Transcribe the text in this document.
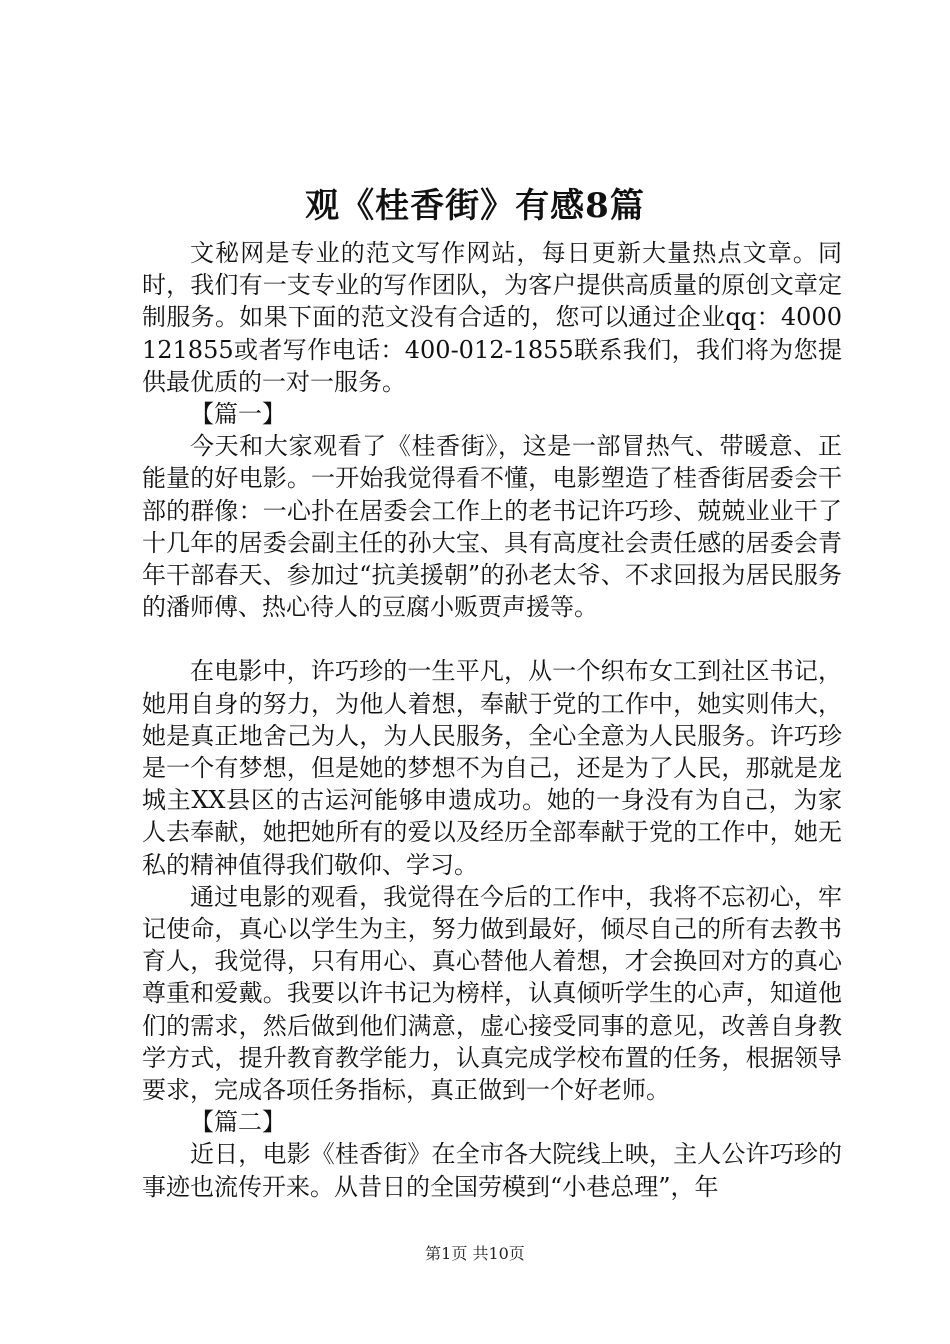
观《桂香街》有感8篇

文秘网是专业的范文写作网站，每日更新大量热点文章。同时，我们有一支专业的写作团队，为客户提供高质量的原创文章定制服务。如果下面的范文没有合适的，您可以通过企业qq：4000121855或者写作电话：400-012-1855联系我们，我们将为您提供最优质的一对一服务。

【篇一】

今天和大家观看了《桂香街》，这是一部冒热气、带暖意、正能量的好电影。一开始我觉得看不懂，电影塑造了桂香街居委会干部的群像：一心扑在居委会工作上的老书记许巧珍、兢兢业业干了十几年的居委会副主任的孙大宝、具有高度社会责任感的居委会青年干部春天、参加过“抗美援朝”的孙老太爷、不求回报为居民服务的潘师傅、热心待人的豆腐小贩贾声援等。

在电影中，许巧珍的一生平凡，从一个织布女工到社区书记，她用自身的努力，为他人着想，奉献于党的工作中，她实则伟大，她是真正地舍己为人，为人民服务，全心全意为人民服务。许巧珍是一个有梦想，但是她的梦想不为自己，还是为了人民，那就是龙城主XX县区的古运河能够申遗成功。她的一身没有为自己，为家人去奉献，她把她所有的爱以及经历全部奉献于党的工作中，她无私的精神值得我们敬仰、学习。

通过电影的观看，我觉得在今后的工作中，我将不忘初心，牢记使命，真心以学生为主，努力做到最好，倾尽自己的所有去教书育人，我觉得，只有用心、真心替他人着想，才会换回对方的真心尊重和爱戴。我要以许书记为榜样，认真倾听学生的心声，知道他们的需求，然后做到他们满意，虚心接受同事的意见，改善自身教学方式，提升教育教学能力，认真完成学校布置的任务，根据领导要求，完成各项任务指标，真正做到一个好老师。

【篇二】

近日，电影《桂香街》在全市各大院线上映，主人公许巧珍的事迹也流传开来。从昔日的全国劳模到“小巷总理”，年

第1页 共10页
